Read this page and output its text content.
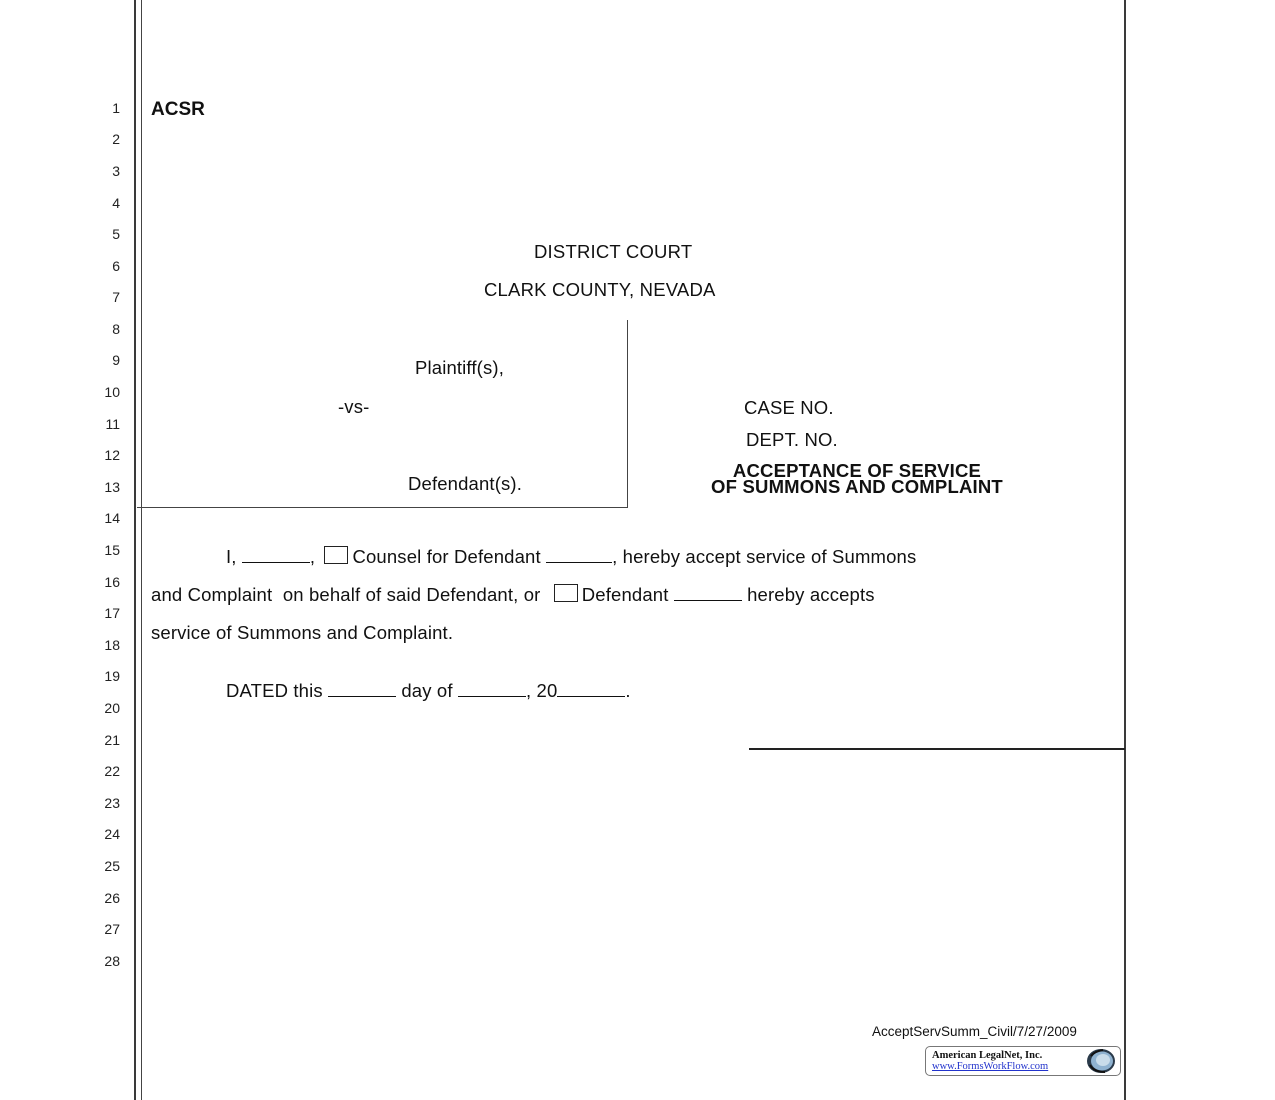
1
2
3
4
5
6
7
8
9
10
11
12
13
14
15
16
17
18
19
20
21
22
23
24
25
26
27
28
ACSR
DISTRICT COURT
CLARK COUNTY, NEVADA
Plaintiff(s),
-vs-
Defendant(s).
CASE NO.
DEPT. NO.
ACCEPTANCE OF SERVICE
OF SUMMONS AND COMPLAINT
I,	, Counsel for Defendant	, hereby accept service of Summons
and Complaint  on behalf of said Defendant, or Defendant	hereby accepts
service of Summons and Complaint.
DATED this	day of	, 20	.
AcceptServSumm_Civil/7/27/2009
American LegalNet, Inc.
www.FormsWorkFlow.com
